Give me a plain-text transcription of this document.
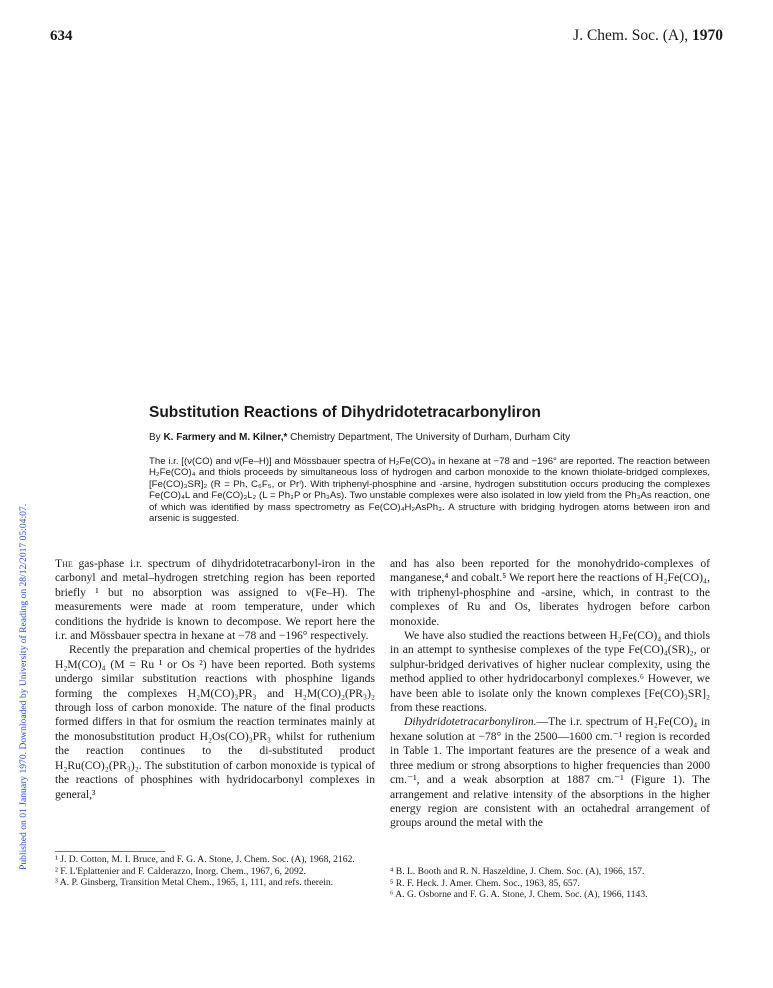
634	J. Chem. Soc. (A), 1970
Published on 01 January 1970. Downloaded by University of Reading on 28/12/2017 05:04:07.
Substitution Reactions of Dihydridotetracarbonyliron
By K. Farmery and M. Kilner,* Chemistry Department, The University of Durham, Durham City

The i.r. [(ν(CO) and ν(Fe–H)] and Mössbauer spectra of H₂Fe(CO)₄ in hexane at −78 and −196° are reported. The reaction between H₂Fe(CO)₄ and thiols proceeds by simultaneous loss of hydrogen and carbon monoxide to the known thiolate-bridged complexes, [Fe(CO)₃SR]₂ (R = Ph, C₆F₅, or Prⁱ). With triphenyl-phosphine and -arsine, hydrogen substitution occurs producing the complexes Fe(CO)₄L and Fe(CO)₃L₂ (L = Ph₃P or Ph₃As). Two unstable complexes were also isolated in low yield from the Ph₃As reaction, one of which was identified by mass spectrometry as Fe(CO)₄H₂AsPh₃. A structure with bridging hydrogen atoms between iron and arsenic is suggested.

The gas-phase i.r. spectrum of dihydridotetracarbonyl-iron in the carbonyl and metal–hydrogen stretching region has been reported briefly ¹ but no absorption was assigned to ν(Fe–H). The measurements were made at room temperature, under which conditions the hydride is known to decompose. We report here the i.r. and Mössbauer spectra in hexane at −78 and −196° respectively.

Recently the preparation and chemical properties of the hydrides H₂M(CO)₄ (M = Ru ¹ or Os ²) have been reported. Both systems undergo similar substitution reactions with phosphine ligands forming the complexes H₂M(CO)₃PR₃ and H₂M(CO)₂(PR₃)₂ through loss of carbon monoxide. The nature of the final products formed differs in that for osmium the reaction terminates mainly at the monosubstitution product H₂Os(CO)₃PR₃ whilst for ruthenium the reaction continues to the di-substituted product H₂Ru(CO)₂(PR₃)₂. The substitution of carbon monoxide is typical of the reactions of phosphines with hydridocarbonyl complexes in general,³

and has also been reported for the monohydrido-complexes of manganese,⁴ and cobalt.⁵ We report here the reactions of H₂Fe(CO)₄, with triphenyl-phosphine and -arsine, which, in contrast to the complexes of Ru and Os, liberates hydrogen before carbon monoxide.

We have also studied the reactions between H₂Fe(CO)₄ and thiols in an attempt to synthesise complexes of the type Fe(CO)₄(SR)₂, or sulphur-bridged derivatives of higher nuclear complexity, using the method applied to other hydridocarbonyl complexes.⁶ However, we have been able to isolate only the known complexes [Fe(CO)₃SR]₂ from these reactions.

Dihydridotetracarbonyliron.—The i.r. spectrum of H₂Fe(CO)₄ in hexane solution at −78° in the 2500—1600 cm.⁻¹ region is recorded in Table 1. The important features are the presence of a weak and three medium or strong absorptions to higher frequencies than 2000 cm.⁻¹, and a weak absorption at 1887 cm.⁻¹ (Figure 1). The arrangement and relative intensity of the absorptions in the higher energy region are consistent with an octahedral arrangement of groups around the metal with the

¹ J. D. Cotton, M. I. Bruce, and F. G. A. Stone, J. Chem. Soc. (A), 1968, 2162.

² F. L'Eplattenier and F. Calderazzo, Inorg. Chem., 1967, 6, 2092.

³ A. P. Ginsberg, Transition Metal Chem., 1965, 1, 111, and refs. therein.

⁴ B. L. Booth and R. N. Haszeldine, J. Chem. Soc. (A), 1966, 157.

⁵ R. F. Heck. J. Amer. Chem. Soc., 1963, 85, 657.

⁶ A. G. Osborne and F. G. A. Stone, J. Chem. Soc. (A), 1966, 1143.
